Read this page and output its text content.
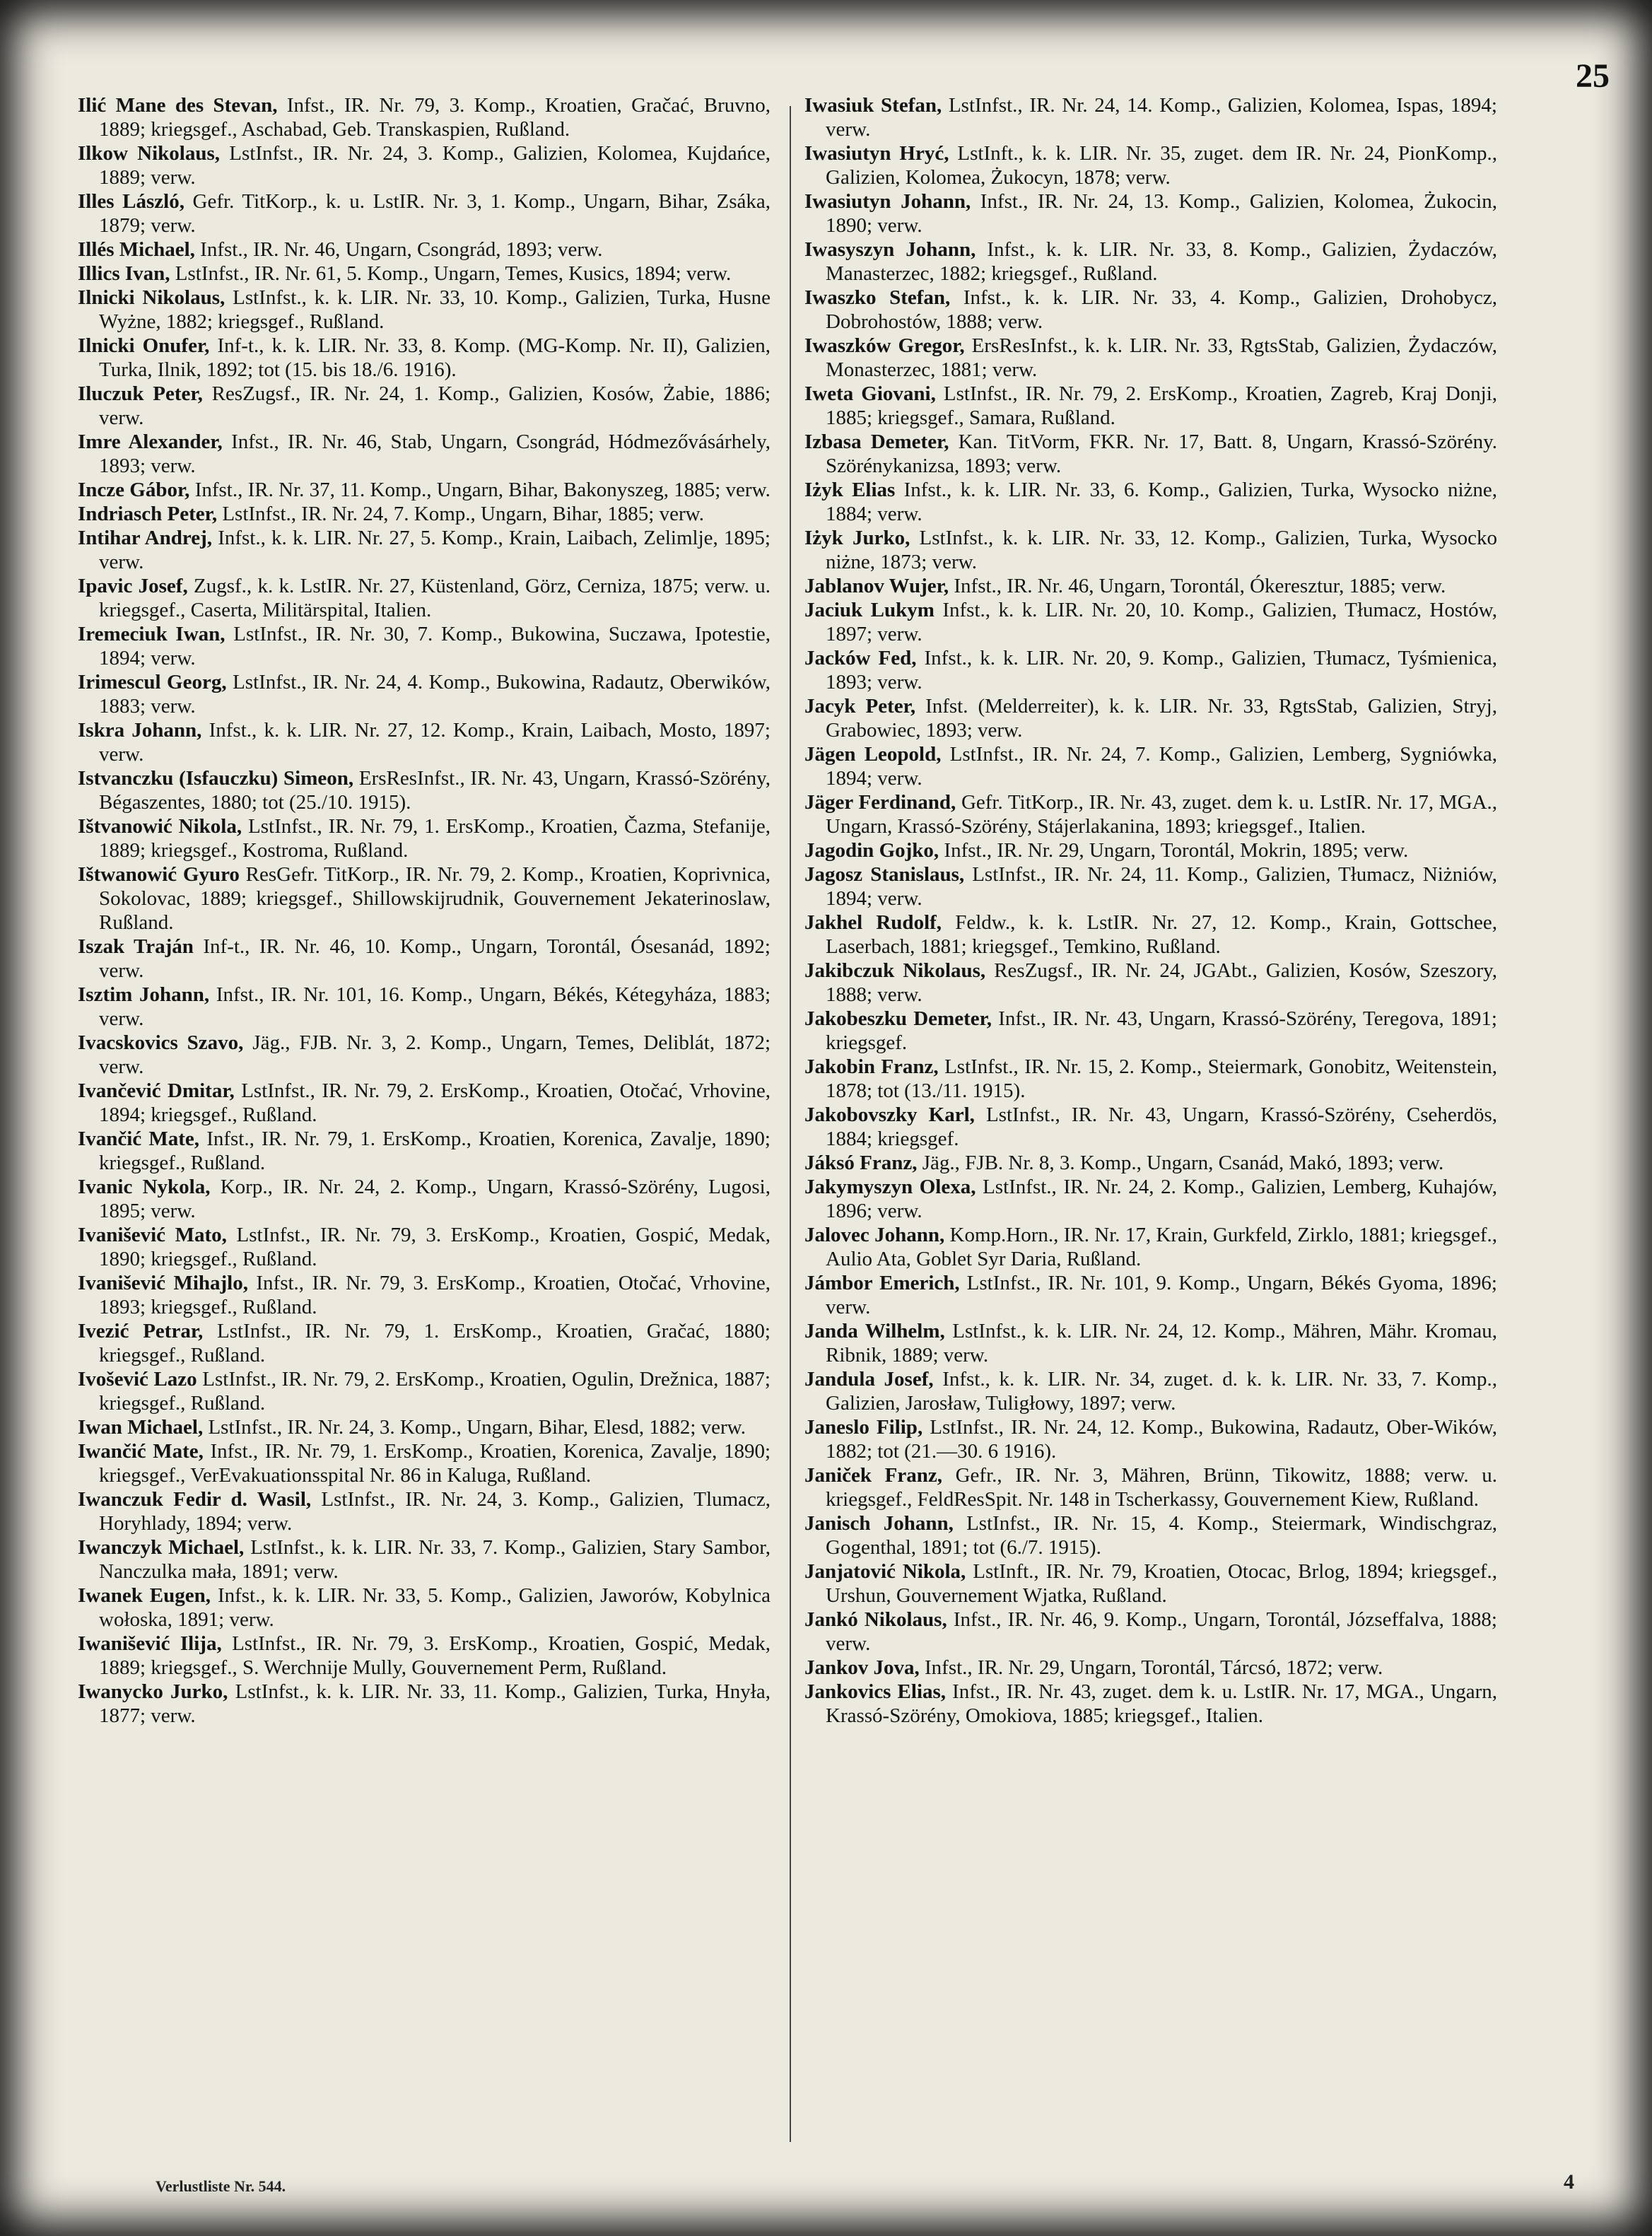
25

Ilić Mane des Stevan, Infst., IR. Nr. 79, 3. Komp., Kroatien, Gračać, Bruvno, 1889; kriegsgef., Aschabad, Geb. Transkaspien, Rußland.

Ilkow Nikolaus, LstInfst., IR. Nr. 24, 3. Komp., Galizien, Kolomea, Kujdańce, 1889; verw.

Illes László, Gefr. TitKorp., k. u. LstIR. Nr. 3, 1. Komp., Ungarn, Bihar, Zsáka, 1879; verw.

Illés Michael, Infst., IR. Nr. 46, Ungarn, Csongrád, 1893; verw.

Illics Ivan, LstInfst., IR. Nr. 61, 5. Komp., Ungarn, Temes, Kusics, 1894; verw.

Ilnicki Nikolaus, LstInfst., k. k. LIR. Nr. 33, 10. Komp., Galizien, Turka, Husne Wyżne, 1882; kriegsgef., Rußland.

Ilnicki Onufer, Inf-t., k. k. LIR. Nr. 33, 8. Komp. (MG-Komp. Nr. II), Galizien, Turka, Ilnik, 1892; tot (15. bis 18./6. 1916).

Iluczuk Peter, ResZugsf., IR. Nr. 24, 1. Komp., Galizien, Kosów, Żabie, 1886; verw.

Imre Alexander, Infst., IR. Nr. 46, Stab, Ungarn, Csongrád, Hódmezővásárhely, 1893; verw.

Incze Gábor, Infst., IR. Nr. 37, 11. Komp., Ungarn, Bihar, Bakonyszeg, 1885; verw.

Indriasch Peter, LstInfst., IR. Nr. 24, 7. Komp., Ungarn, Bihar, 1885; verw.

Intihar Andrej, Infst., k. k. LIR. Nr. 27, 5. Komp., Krain, Laibach, Zelimlje, 1895; verw.

Ipavic Josef, Zugsf., k. k. LstIR. Nr. 27, Küstenland, Görz, Cerniza, 1875; verw. u. kriegsgef., Caserta, Militärspital, Italien.

Iremeciuk Iwan, LstInfst., IR. Nr. 30, 7. Komp., Bukowina, Suczawa, Ipotestie, 1894; verw.

Irimescul Georg, LstInfst., IR. Nr. 24, 4. Komp., Bukowina, Radautz, Oberwików, 1883; verw.

Iskra Johann, Infst., k. k. LIR. Nr. 27, 12. Komp., Krain, Laibach, Mosto, 1897; verw.

Istvanczku (Isfauczku) Simeon, ErsResInfst., IR. Nr. 43, Ungarn, Krassó-Szörény, Bégaszentes, 1880; tot (25./10. 1915).

Ištvanowić Nikola, LstInfst., IR. Nr. 79, 1. ErsKomp., Kroatien, Čazma, Stefanije, 1889; kriegsgef., Kostroma, Rußland.

Ištwanowić Gyuro ResGefr. TitKorp., IR. Nr. 79, 2. Komp., Kroatien, Koprivnica, Sokolovac, 1889; kriegsgef., Shillowskijrudnik, Gouvernement Jekaterinoslaw, Rußland.

Iszak Traján Inf-t., IR. Nr. 46, 10. Komp., Ungarn, Torontál, Ósesanád, 1892; verw.

Isztim Johann, Infst., IR. Nr. 101, 16. Komp., Ungarn, Békés, Kétegyháza, 1883; verw.

Ivacskovics Szavo, Jäg., FJB. Nr. 3, 2. Komp., Ungarn, Temes, Deliblát, 1872; verw.

Ivančević Dmitar, LstInfst., IR. Nr. 79, 2. ErsKomp., Kroatien, Otočać, Vrhovine, 1894; kriegsgef., Rußland.

Ivančić Mate, Infst., IR. Nr. 79, 1. ErsKomp., Kroatien, Korenica, Zavalje, 1890; kriegsgef., Rußland.

Ivanic Nykola, Korp., IR. Nr. 24, 2. Komp., Ungarn, Krassó-Szörény, Lugosi, 1895; verw.

Ivanišević Mato, LstInfst., IR. Nr. 79, 3. ErsKomp., Kroatien, Gospić, Medak, 1890; kriegsgef., Rußland.

Ivanišević Mihajlo, Infst., IR. Nr. 79, 3. ErsKomp., Kroatien, Otočać, Vrhovine, 1893; kriegsgef., Rußland.

Ivezić Petrar, LstInfst., IR. Nr. 79, 1. ErsKomp., Kroatien, Gračać, 1880; kriegsgef., Rußland.

Ivošević Lazo LstInfst., IR. Nr. 79, 2. ErsKomp., Kroatien, Ogulin, Drežnica, 1887; kriegsgef., Rußland.

Iwan Michael, LstInfst., IR. Nr. 24, 3. Komp., Ungarn, Bihar, Elesd, 1882; verw.

Iwančić Mate, Infst., IR. Nr. 79, 1. ErsKomp., Kroatien, Korenica, Zavalje, 1890; kriegsgef., VerEvakuationsspital Nr. 86 in Kaluga, Rußland.

Iwanczuk Fedir d. Wasil, LstInfst., IR. Nr. 24, 3. Komp., Galizien, Tlumacz, Horyhlady, 1894; verw.

Iwanczyk Michael, LstInfst., k. k. LIR. Nr. 33, 7. Komp., Galizien, Stary Sambor, Nanczulka mała, 1891; verw.

Iwanek Eugen, Infst., k. k. LIR. Nr. 33, 5. Komp., Galizien, Jaworów, Kobylnica wołoska, 1891; verw.

Iwanišević Ilija, LstInfst., IR. Nr. 79, 3. ErsKomp., Kroatien, Gospić, Medak, 1889; kriegsgef., S. Werchnije Mully, Gouvernement Perm, Rußland.

Iwanycko Jurko, LstInfst., k. k. LIR. Nr. 33, 11. Komp., Galizien, Turka, Hnyła, 1877; verw.

Iwasiuk Stefan, LstInfst., IR. Nr. 24, 14. Komp., Galizien, Kolomea, Ispas, 1894; verw.

Iwasiutyn Hryć, LstInft., k. k. LIR. Nr. 35, zuget. dem IR. Nr. 24, PionKomp., Galizien, Kolomea, Żukocyn, 1878; verw.

Iwasiutyn Johann, Infst., IR. Nr. 24, 13. Komp., Galizien, Kolomea, Żukocin, 1890; verw.

Iwasyszyn Johann, Infst., k. k. LIR. Nr. 33, 8. Komp., Galizien, Żydaczów, Manasterzec, 1882; kriegsgef., Rußland.

Iwaszko Stefan, Infst., k. k. LIR. Nr. 33, 4. Komp., Galizien, Drohobycz, Dobrohostów, 1888; verw.

Iwaszków Gregor, ErsResInfst., k. k. LIR. Nr. 33, RgtsStab, Galizien, Żydaczów, Monasterzec, 1881; verw.

Iweta Giovani, LstInfst., IR. Nr. 79, 2. ErsKomp., Kroatien, Zagreb, Kraj Donji, 1885; kriegsgef., Samara, Rußland.

Izbasa Demeter, Kan. TitVorm, FKR. Nr. 17, Batt. 8, Ungarn, Krassó-Szörény. Szörénykanizsa, 1893; verw.

Iżyk Elias Infst., k. k. LIR. Nr. 33, 6. Komp., Galizien, Turka, Wysocko niżne, 1884; verw.

Iżyk Jurko, LstInfst., k. k. LIR. Nr. 33, 12. Komp., Galizien, Turka, Wysocko niżne, 1873; verw.

Jablanov Wujer, Infst., IR. Nr. 46, Ungarn, Torontál, Ókeresztur, 1885; verw.

Jaciuk Lukym Infst., k. k. LIR. Nr. 20, 10. Komp., Galizien, Tłumacz, Hostów, 1897; verw.

Jacków Fed, Infst., k. k. LIR. Nr. 20, 9. Komp., Galizien, Tłumacz, Tyśmienica, 1893; verw.

Jacyk Peter, Infst. (Melderreiter), k. k. LIR. Nr. 33, RgtsStab, Galizien, Stryj, Grabowiec, 1893; verw.

Jägen Leopold, LstInfst., IR. Nr. 24, 7. Komp., Galizien, Lemberg, Sygniówka, 1894; verw.

Jäger Ferdinand, Gefr. TitKorp., IR. Nr. 43, zuget. dem k. u. LstIR. Nr. 17, MGA., Ungarn, Krassó-Szörény, Stájerlakanina, 1893; kriegsgef., Italien.

Jagodin Gojko, Infst., IR. Nr. 29, Ungarn, Torontál, Mokrin, 1895; verw.

Jagosz Stanislaus, LstInfst., IR. Nr. 24, 11. Komp., Galizien, Tłumacz, Niżniów, 1894; verw.

Jakhel Rudolf, Feldw., k. k. LstIR. Nr. 27, 12. Komp., Krain, Gottschee, Laserbach, 1881; kriegsgef., Temkino, Rußland.

Jakibczuk Nikolaus, ResZugsf., IR. Nr. 24, JGAbt., Galizien, Kosów, Szeszory, 1888; verw.

Jakobeszku Demeter, Infst., IR. Nr. 43, Ungarn, Krassó-Szörény, Teregova, 1891; kriegsgef.

Jakobin Franz, LstInfst., IR. Nr. 15, 2. Komp., Steiermark, Gonobitz, Weitenstein, 1878; tot (13./11. 1915).

Jakobovszky Karl, LstInfst., IR. Nr. 43, Ungarn, Krassó-Szörény, Cseherdös, 1884; kriegsgef.

Jáksó Franz, Jäg., FJB. Nr. 8, 3. Komp., Ungarn, Csanád, Makó, 1893; verw.

Jakymyszyn Olexa, LstInfst., IR. Nr. 24, 2. Komp., Galizien, Lemberg, Kuhajów, 1896; verw.

Jalovec Johann, Komp.Horn., IR. Nr. 17, Krain, Gurkfeld, Zirklo, 1881; kriegsgef., Aulio Ata, Goblet Syr Daria, Rußland.

Jámbor Emerich, LstInfst., IR. Nr. 101, 9. Komp., Ungarn, Békés Gyoma, 1896; verw.

Janda Wilhelm, LstInfst., k. k. LIR. Nr. 24, 12. Komp., Mähren, Mähr. Kromau, Ribnik, 1889; verw.

Jandula Josef, Infst., k. k. LIR. Nr. 34, zuget. d. k. k. LIR. Nr. 33, 7. Komp., Galizien, Jarosław, Tuligłowy, 1897; verw.

Janeslo Filip, LstInfst., IR. Nr. 24, 12. Komp., Bukowina, Radautz, Ober-Wików, 1882; tot (21.—30. 6 1916).

Janiček Franz, Gefr., IR. Nr. 3, Mähren, Brünn, Tikowitz, 1888; verw. u. kriegsgef., FeldResSpit. Nr. 148 in Tscherkassy, Gouvernement Kiew, Rußland.

Janisch Johann, LstInfst., IR. Nr. 15, 4. Komp., Steiermark, Windischgraz, Gogenthal, 1891; tot (6./7. 1915).

Janjatović Nikola, LstInft., IR. Nr. 79, Kroatien, Otocac, Brlog, 1894; kriegsgef., Urshun, Gouvernement Wjatka, Rußland.

Jankó Nikolaus, Infst., IR. Nr. 46, 9. Komp., Ungarn, Torontál, Józseffalva, 1888; verw.

Jankov Jova, Infst., IR. Nr. 29, Ungarn, Torontál, Tárcsó, 1872; verw.

Jankovics Elias, Infst., IR. Nr. 43, zuget. dem k. u. LstIR. Nr. 17, MGA., Ungarn, Krassó-Szörény, Omokiova, 1885; kriegsgef., Italien.

Verlustliste Nr. 544.	4
